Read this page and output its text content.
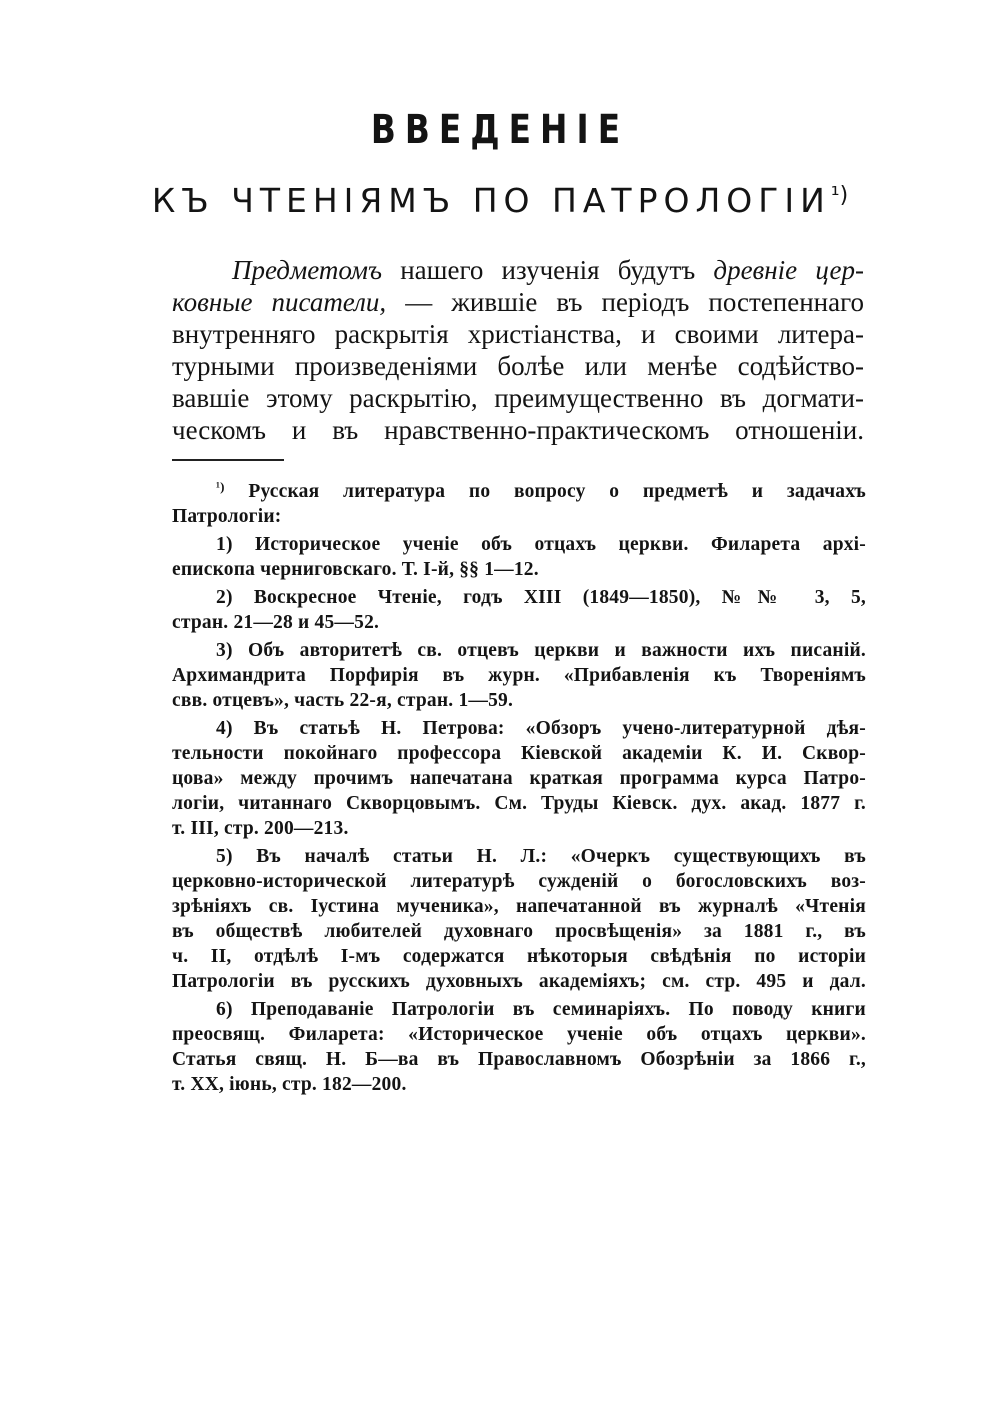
ВВЕДЕНІЕ
КЪ ЧТЕНІЯМЪ ПО $ПАТРОЛОГІИ^{^1)}$
Предметомъ нашего изученія будутъ древніе цер-
ковные писатели, — жившіе въ періодъ постепеннаго
внутренняго раскрытія христіанства, и своими литера-
турными произведеніями болѣе или менѣе содѣйство-
вавшіе этому раскрытію, преимущественно въ догмати-
ческомъ и въ нравственно-практическомъ отношеніи.
$^{^1)}$ Русская литература по вопросу о предметѣ и задачахъ
Патрологіи:
1) Историческое ученіе объ отцахъ церкви. Филарета архі-
епископа черниговскаго. Т. I-й, §§ 1—12.
2) Воскресное Чтеніе, годъ XIII (1849—1850), №№ 3, 5,
стран. 21—28 и 45—52.
3) Объ авторитетѣ св. отцевъ церкви и важности ихъ писаній.
Архимандрита Порфирія въ журн. «Прибавленія къ Твореніямъ
свв. отцевъ», часть 22-я, стран. 1—59.
4) Въ статьѣ Н. Петрова: «Обзоръ учено-литературной дѣя-
тельности покойнаго профессора Кіевской академіи К. И. Сквор-
цова» между прочимъ напечатана краткая программа курса Патро-
логіи, читаннаго Скворцовымъ. См. Труды Кіевск. дух. акад. 1877 г.
т. III, стр. 200—213.
5) Въ началѣ статьи Н. Л.: «Очеркъ существующихъ въ
церковно-исторической литературѣ сужденій о богословскихъ воз-
зрѣніяхъ св. Іустина мученика», напечатанной въ журналѣ «Чтенія
въ обществѣ любителей духовнаго просвѣщенія» за 1881 г., въ
ч. II, отдѣлѣ I-мъ содержатся нѣкоторыя свѣдѣнія по исторіи
Патрологіи въ русскихъ духовныхъ академіяхъ; см. стр. 495 и дал.
6) Преподаваніе Патрологіи въ семинаріяхъ. По поводу книги
преосвящ. Филарета: «Историческое ученіе объ отцахъ церкви».
Статья свящ. Н. Б—ва въ Православномъ Обозрѣніи за 1866 г.,
т. XX, іюнь, стр. 182—200.
